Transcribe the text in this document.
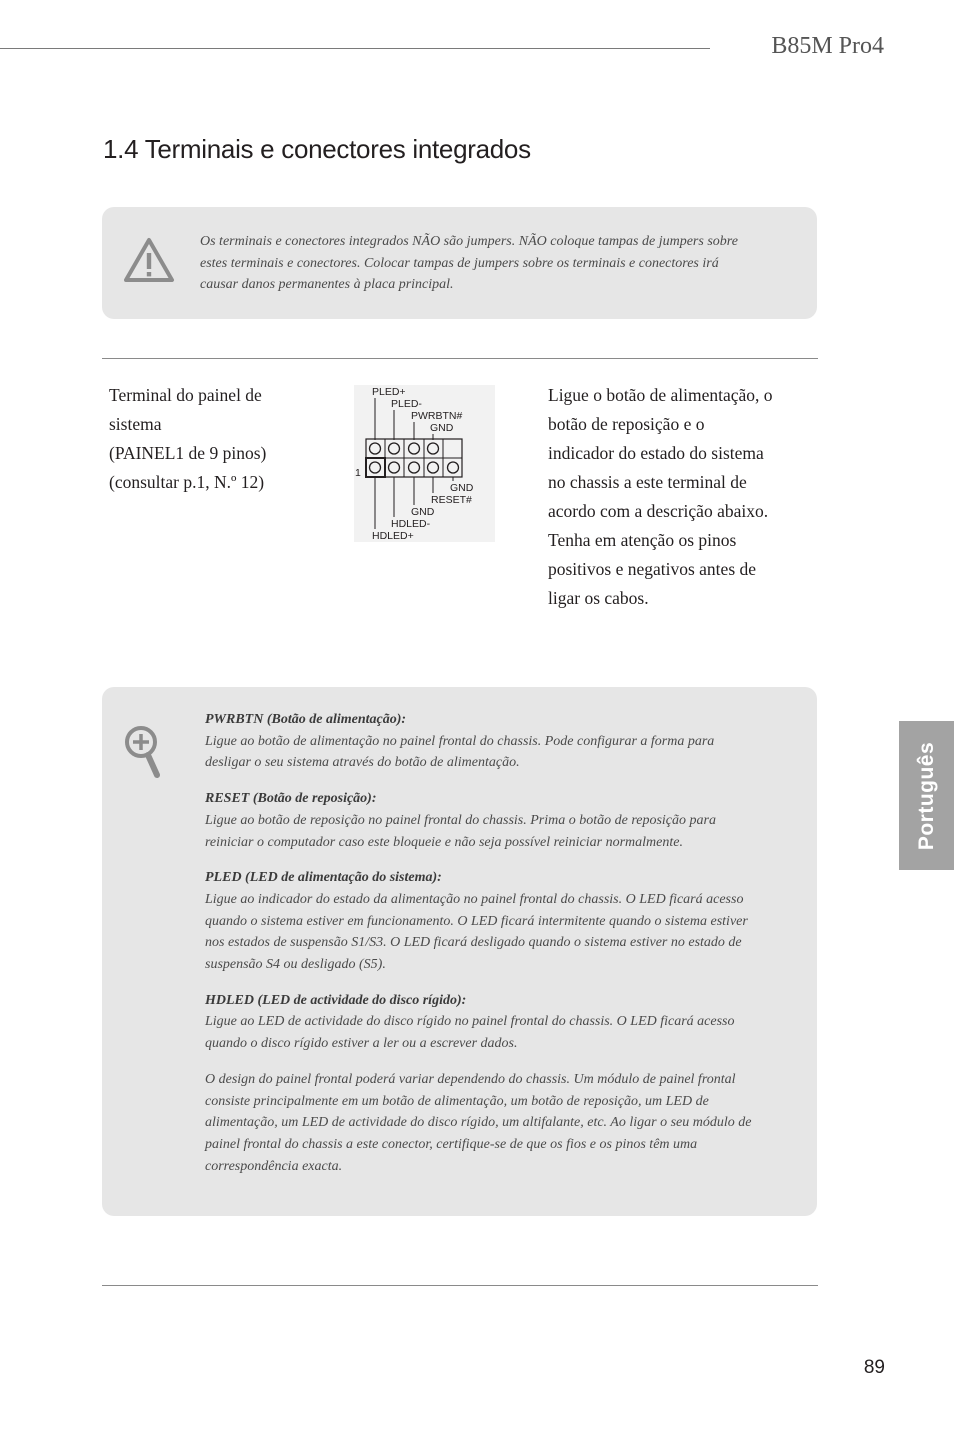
B85M Pro4
1.4 Terminais e conectores integrados
Os terminais e conectores integrados NÃO são jumpers. NÃO coloque tampas de jumpers sobre estes terminais e conectores. Colocar tampas de jumpers sobre os terminais e conectores irá causar danos permanentes à placa principal.
Terminal do painel de
sistema
(PAINEL1 de 9 pinos)
(consultar p.1, N.º 12)
PLED+
PLED-
PWRBTN#
GND
1
GND
RESET#
GND
HDLED-
HDLED+
Ligue o botão de alimentação, o botão de reposição e o indicador do estado do sistema no chassis a este terminal de acordo com a descrição abaixo. Tenha em atenção os pinos positivos e negativos antes de ligar os cabos.
PWRBTN (Botão de alimentação):
Ligue ao botão de alimentação no painel frontal do chassis. Pode configurar a forma para desligar o seu sistema através do botão de alimentação.
RESET (Botão de reposição):
Ligue ao botão de reposição no painel frontal do chassis. Prima o botão de reposição para reiniciar o computador caso este bloqueie e não seja possível reiniciar normalmente.
PLED (LED de alimentação do sistema):
Ligue ao indicador do estado da alimentação no painel frontal do chassis. O LED ficará acesso quando o sistema estiver em funcionamento. O LED ficará intermitente quando o sistema estiver nos estados de suspensão S1/S3. O LED ficará desligado quando o sistema estiver no estado de suspensão S4 ou desligado (S5).
HDLED (LED de actividade do disco rígido):
Ligue ao LED de actividade do disco rígido no painel frontal do chassis. O LED ficará acesso quando o disco rígido estiver a ler ou a escrever dados.
O design do painel frontal poderá variar dependendo do chassis. Um módulo de painel frontal consiste principalmente em um botão de alimentação, um botão de reposição, um LED de alimentação, um LED de actividade do disco rígido, um altifalante, etc. Ao ligar o seu módulo de painel frontal do chassis a este conector, certifique-se de que os fios e os pinos têm uma correspondência exacta.
Português
89
